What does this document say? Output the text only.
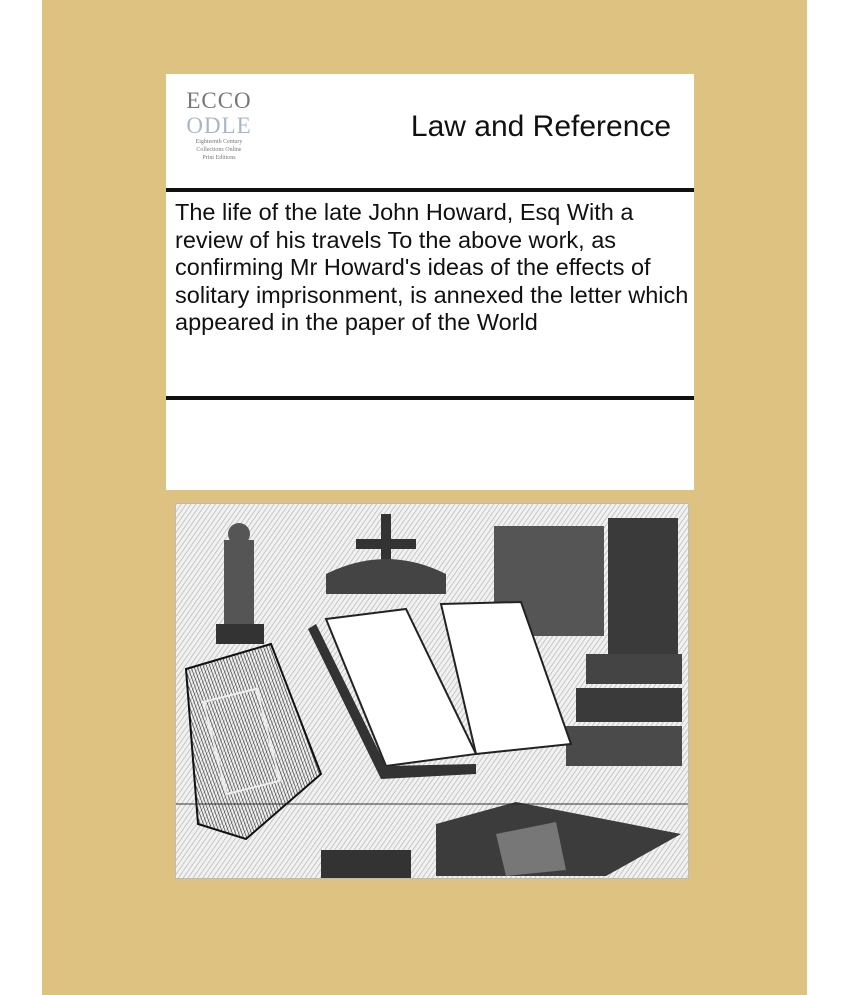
ECCO
ODLE
Eighteenth Century
Collections Online
Print Editions
Law and Reference
The life of the late John Howard, Esq With a review of his travels To the above work, as confirming Mr Howard's ideas of the effects of solitary imprisonment, is annexed the letter which appeared in the paper of the World
